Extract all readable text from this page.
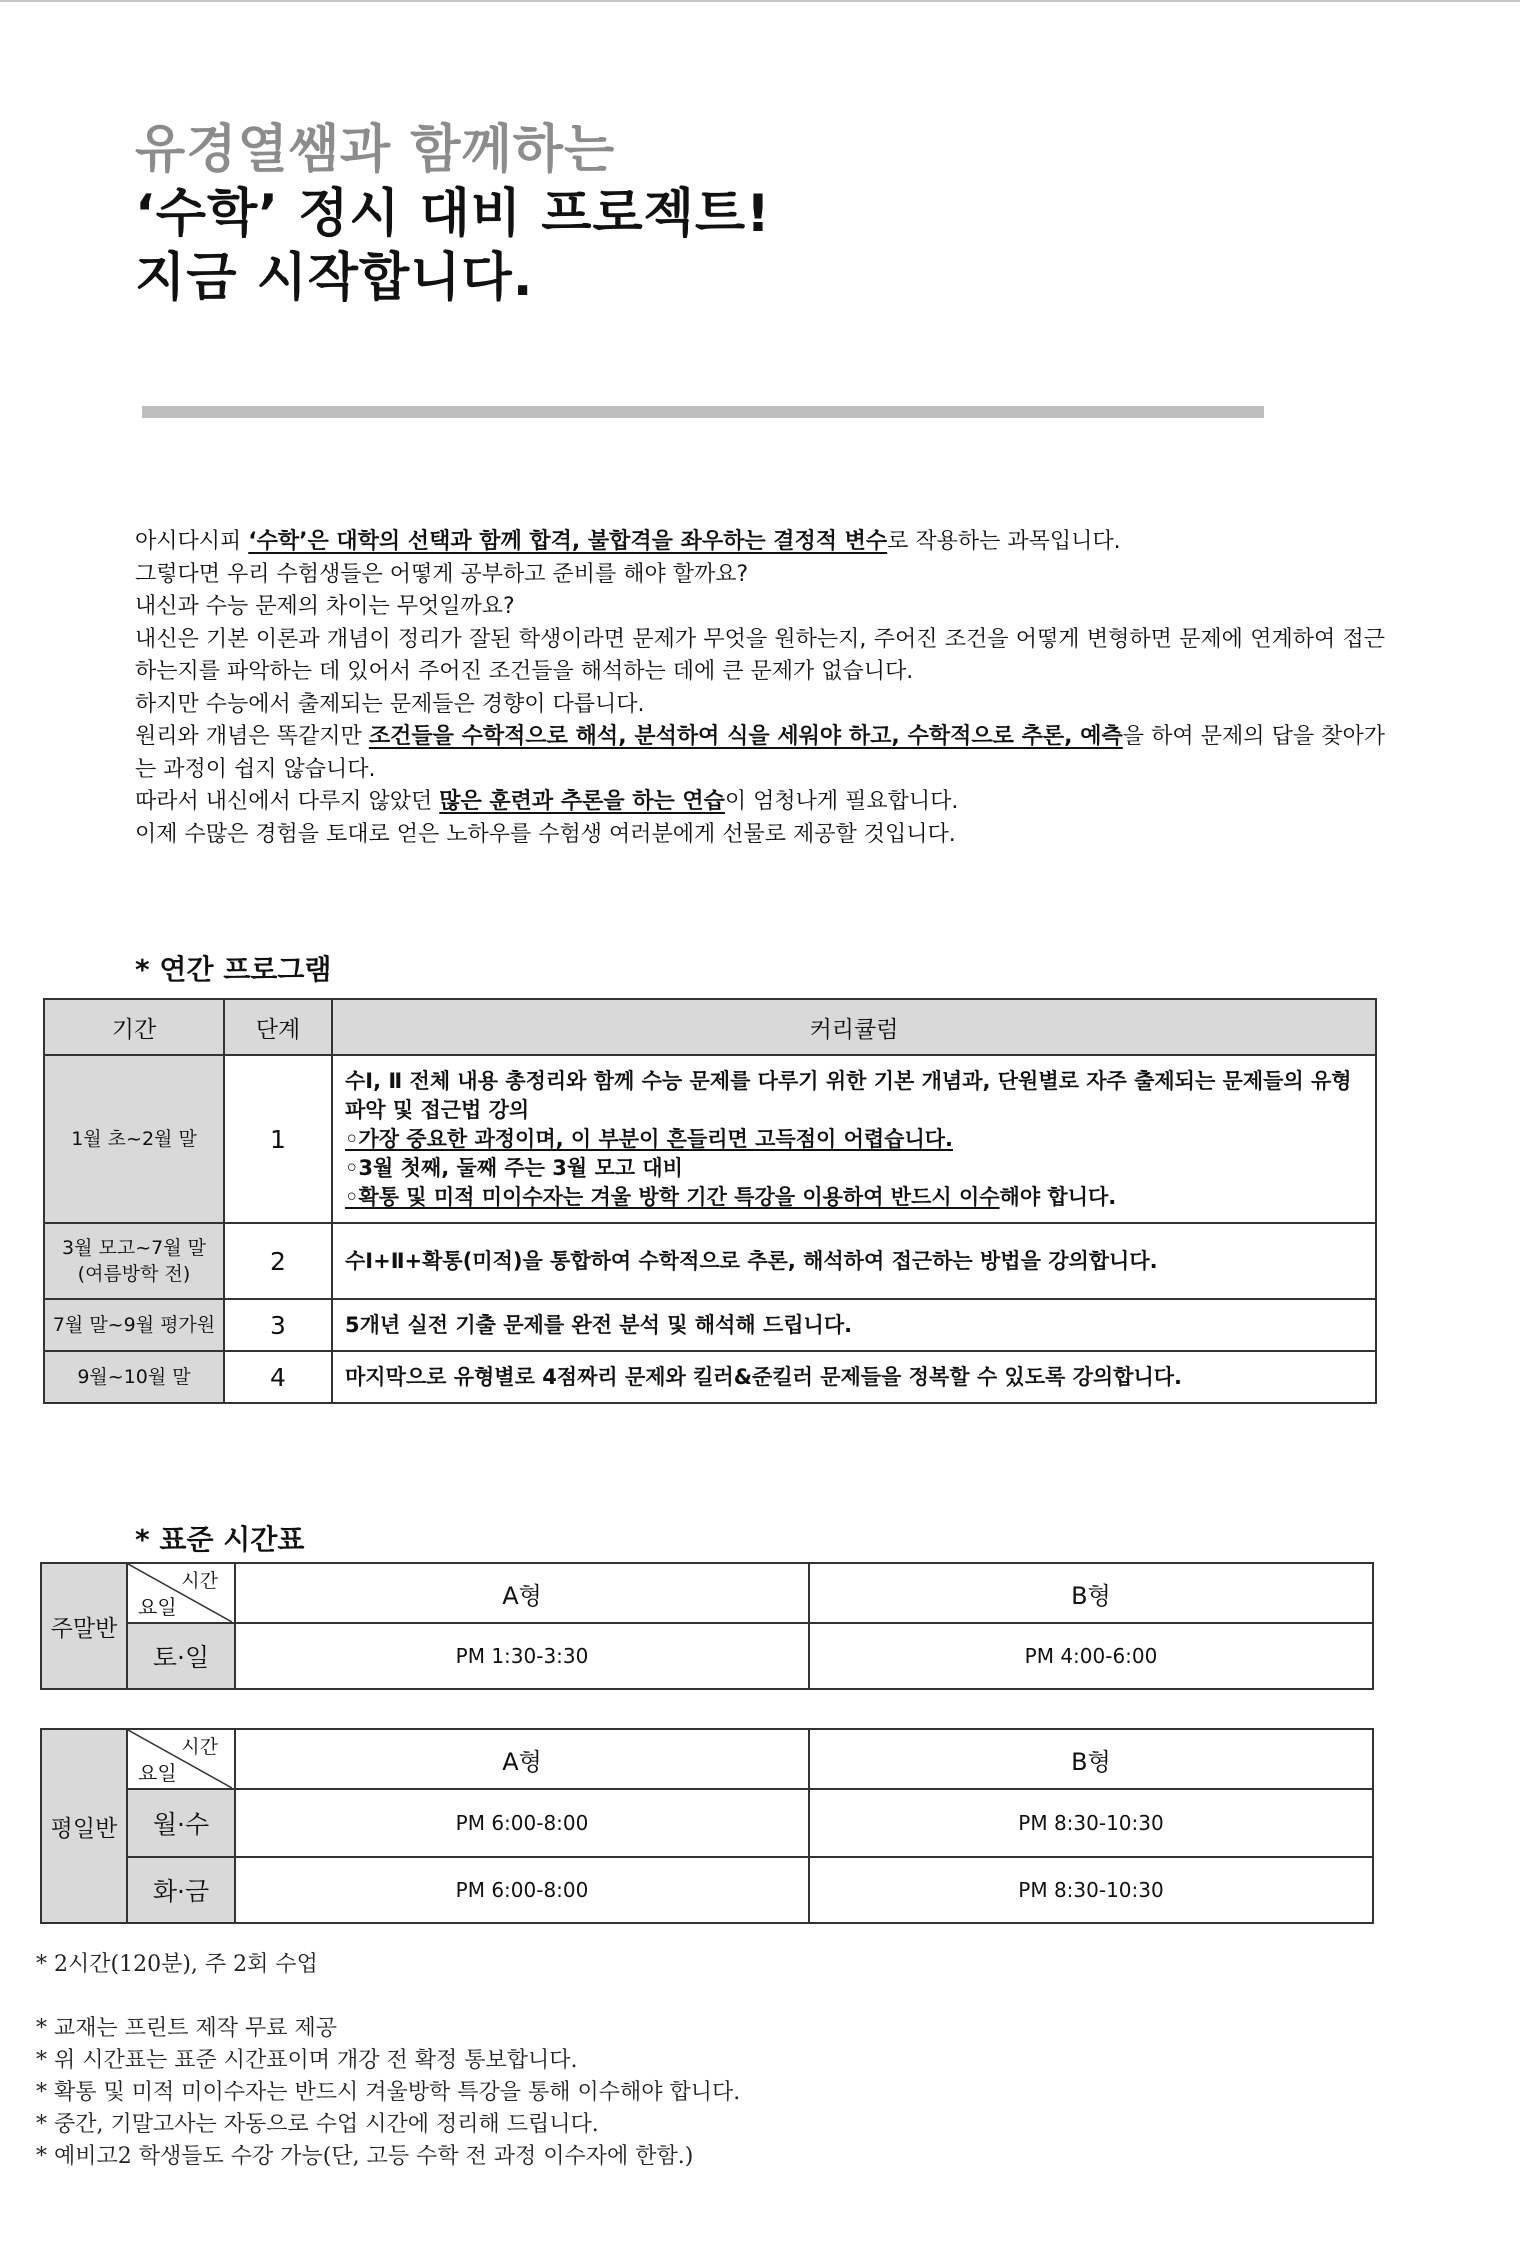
유경열쌤과 함께하는
‘수학’ 정시 대비 프로젝트!
지금 시작합니다.

아시다시피 ‘수학’은 대학의 선택과 함께 합격, 불합격을 좌우하는 결정적 변수로 작용하는 과목입니다.

그렇다면 우리 수험생들은 어떻게 공부하고 준비를 해야 할까요?

내신과 수능 문제의 차이는 무엇일까요?

내신은 기본 이론과 개념이 정리가 잘된 학생이라면 문제가 무엇을 원하는지, 주어진 조건을 어떻게 변형하면 문제에 연계하여 접근하는지를 파악하는 데 있어서 주어진 조건들을 해석하는 데에 큰 문제가 없습니다.

하지만 수능에서 출제되는 문제들은 경향이 다릅니다.

원리와 개념은 똑같지만 조건들을 수학적으로 해석, 분석하여 식을 세워야 하고, 수학적으로 추론, 예측을 하여 문제의 답을 찾아가는 과정이 쉽지 않습니다.

따라서 내신에서 다루지 않았던 많은 훈련과 추론을 하는 연습이 엄청나게 필요합니다.

이제 수많은 경험을 토대로 얻은 노하우를 수험생 여러분에게 선물로 제공할 것입니다.

* 연간 프로그램
기간	단계	커리큘럼
1월 초~2월 말	1	수Ⅰ, Ⅱ 전체 내용 총정리와 함께 수능 문제를 다루기 위한 기본 개념과, 단원별로 자주 출제되는 문제들의 유형 파악 및 접근법 강의
◦가장 중요한 과정이며, 이 부분이 흔들리면 고득점이 어렵습니다.
◦3월 첫째, 둘째 주는 3월 모고 대비
◦확통 및 미적 미이수자는 겨울 방학 기간 특강을 이용하여 반드시 이수해야 합니다.

3월 모고~7월 말
(여름방학 전)	2	수Ⅰ+Ⅱ+확통(미적)을 통합하여 수학적으로 추론, 해석하여 접근하는 방법을 강의합니다.
7월 말~9월 평가원	3	5개년 실전 기출 문제를 완전 분석 및 해석해 드립니다.
9월~10월 말	4	마지막으로 유형별로 4점짜리 문제와 킬러&준킬러 문제들을 정복할 수 있도록 강의합니다.
* 표준 시간표
주말반	시간
요일	A형	B형
	토·일	PM 1:30-3:30	PM 4:00-6:00
평일반	시간
요일	A형	B형
	월·수	PM 6:00-8:00	PM 8:30-10:30
	화·금	PM 6:00-8:00	PM 8:30-10:30

* 2시간(120분), 주 2회 수업

* 교재는 프린트 제작 무료 제공

* 위 시간표는 표준 시간표이며 개강 전 확정 통보합니다.

* 확통 및 미적 미이수자는 반드시 겨울방학 특강을 통해 이수해야 합니다.

* 중간, 기말고사는 자동으로 수업 시간에 정리해 드립니다.

* 예비고2 학생들도 수강 가능(단, 고등 수학 전 과정 이수자에 한함.)
